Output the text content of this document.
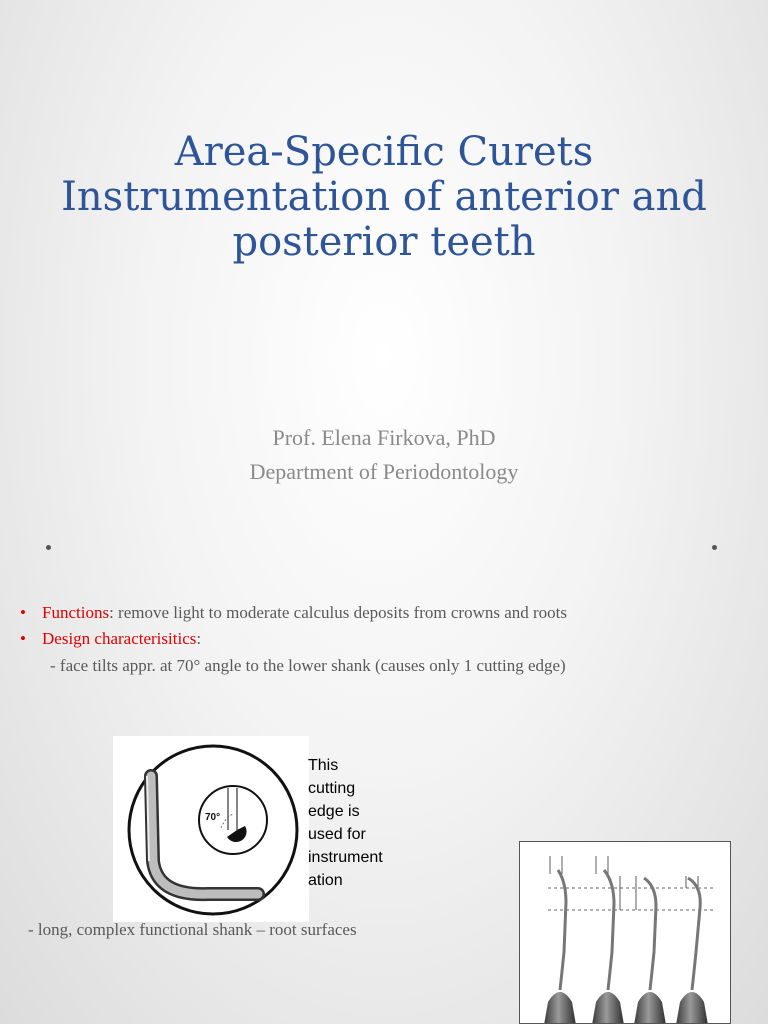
Area-Specific Curets
Instrumentation of anterior and
posterior teeth
Prof. Elena Firkova, PhD
Department of Periodontology
• Functions: remove light to moderate calculus deposits from crowns and roots
• Design characterisitics:
- face tilts appr. at 70° angle to the lower shank (causes only 1 cutting edge)
70°
This
cutting
edge is
used for
instrument
ation
- long, complex functional shank – root surfaces
